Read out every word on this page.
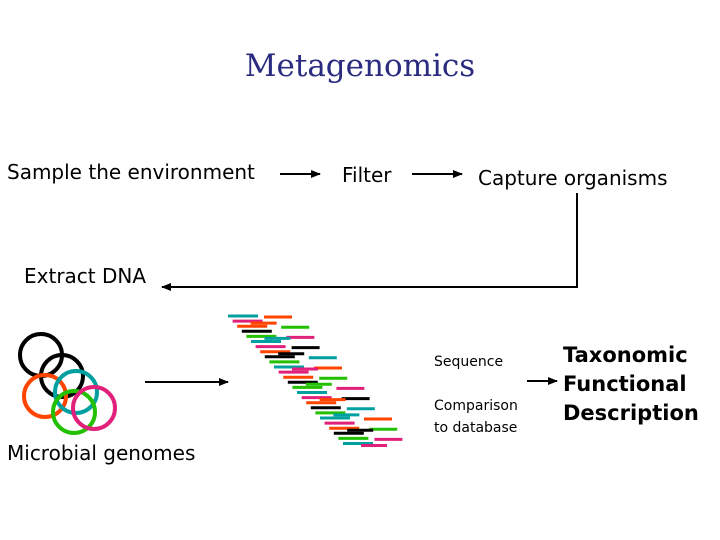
Metagenomics
Sample the environment	Filter	Capture organisms
Extract DNA
Microbial genomes
Sequence
Comparison
to database
Taxonomic
Functional
Description
